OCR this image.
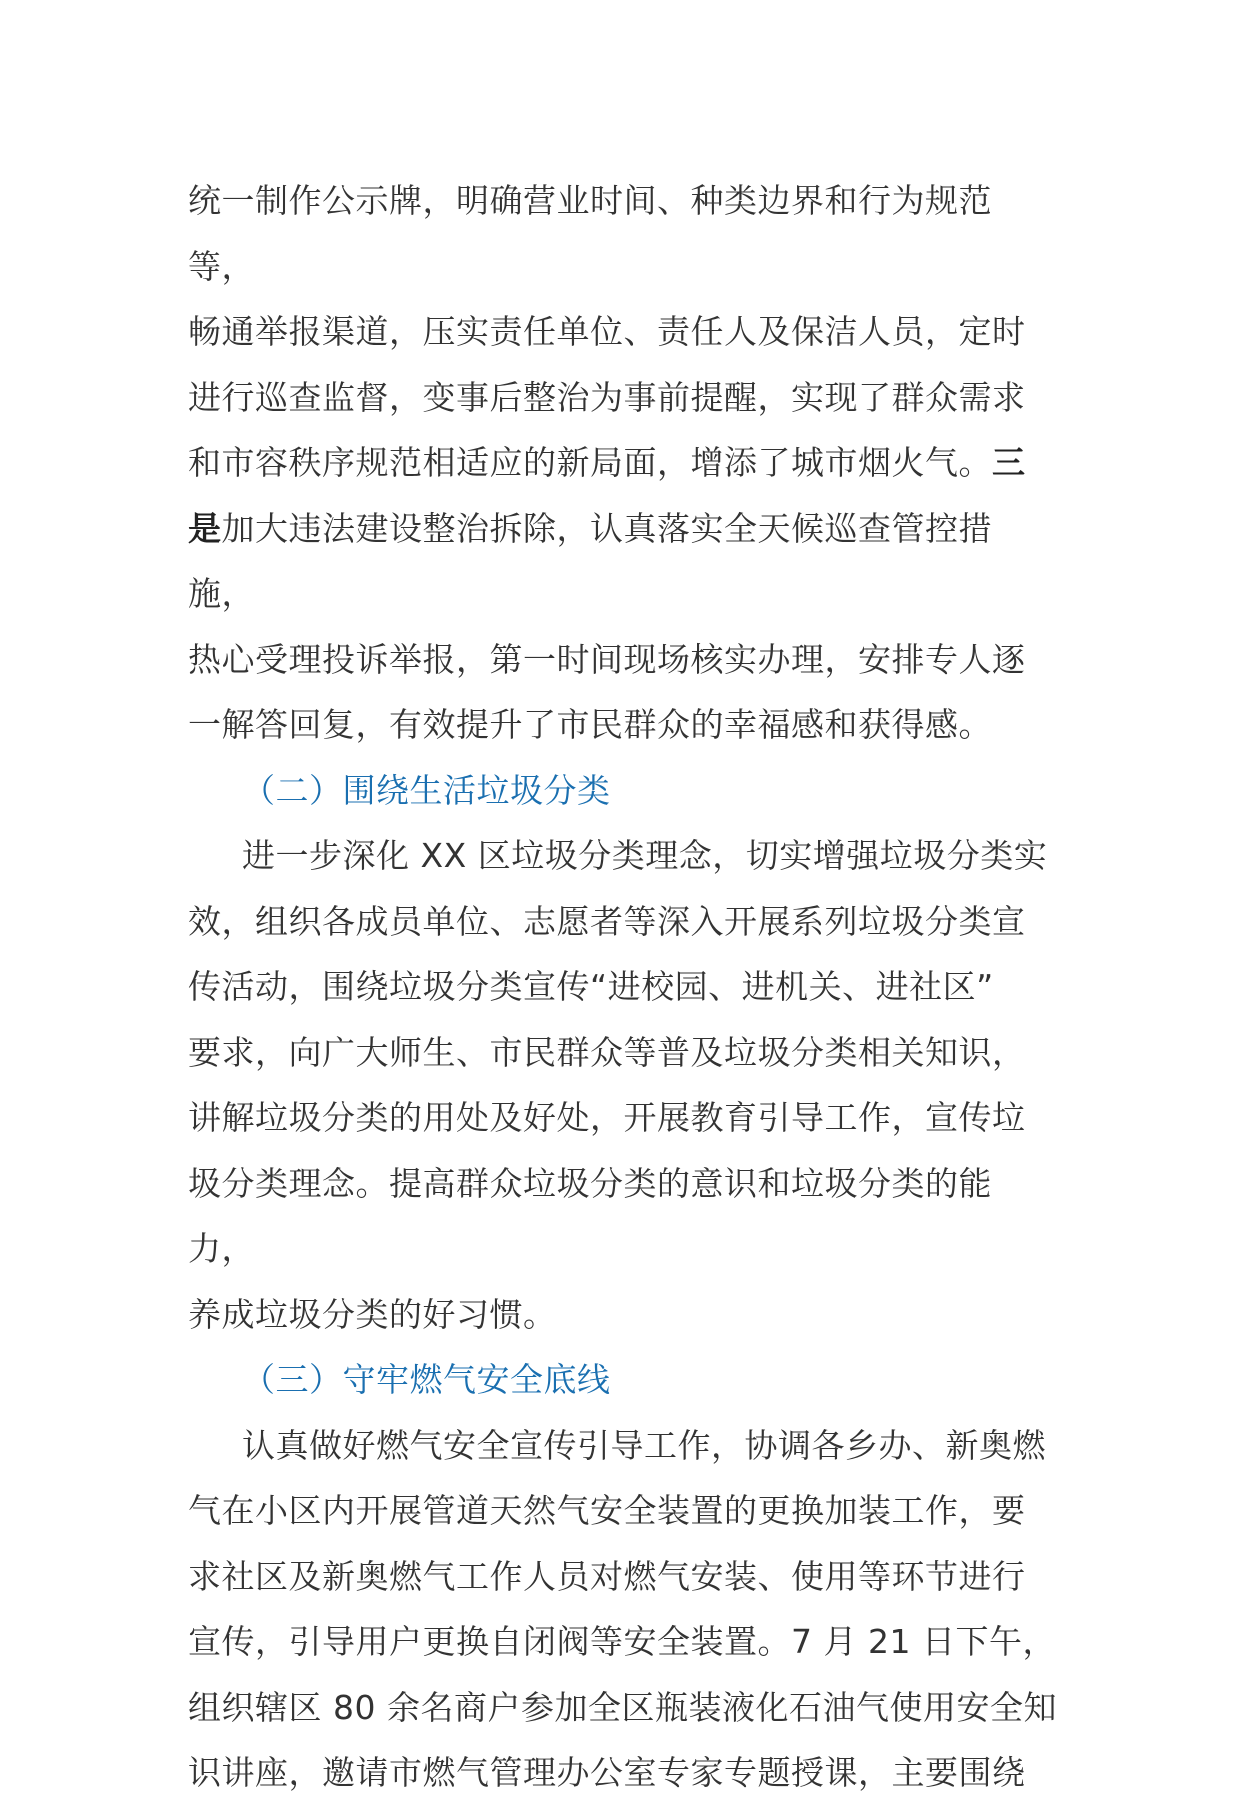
统一制作公示牌，明确营业时间、种类边界和行为规范等，

畅通举报渠道，压实责任单位、责任人及保洁人员，定时

进行巡查监督，变事后整治为事前提醒，实现了群众需求

和市容秩序规范相适应的新局面，增添了城市烟火气。三

是加大违法建设整治拆除，认真落实全天候巡查管控措施，

热心受理投诉举报，第一时间现场核实办理，安排专人逐

一解答回复，有效提升了市民群众的幸福感和获得感。

（二）围绕生活垃圾分类

进一步深化 XX 区垃圾分类理念，切实增强垃圾分类实

效，组织各成员单位、志愿者等深入开展系列垃圾分类宣

传活动，围绕垃圾分类宣传“进校园、进机关、进社区”

要求，向广大师生、市民群众等普及垃圾分类相关知识，

讲解垃圾分类的用处及好处，开展教育引导工作，宣传垃

圾分类理念。提高群众垃圾分类的意识和垃圾分类的能力，

养成垃圾分类的好习惯。

（三）守牢燃气安全底线

认真做好燃气安全宣传引导工作，协调各乡办、新奥燃

气在小区内开展管道天然气安全装置的更换加装工作，要

求社区及新奥燃气工作人员对燃气安装、使用等环节进行

宣传，引导用户更换自闭阀等安全装置。7 月 21 日下午，

组织辖区 80 余名商户参加全区瓶装液化石油气使用安全知

识讲座，邀请市燃气管理办公室专家专题授课，主要围绕
